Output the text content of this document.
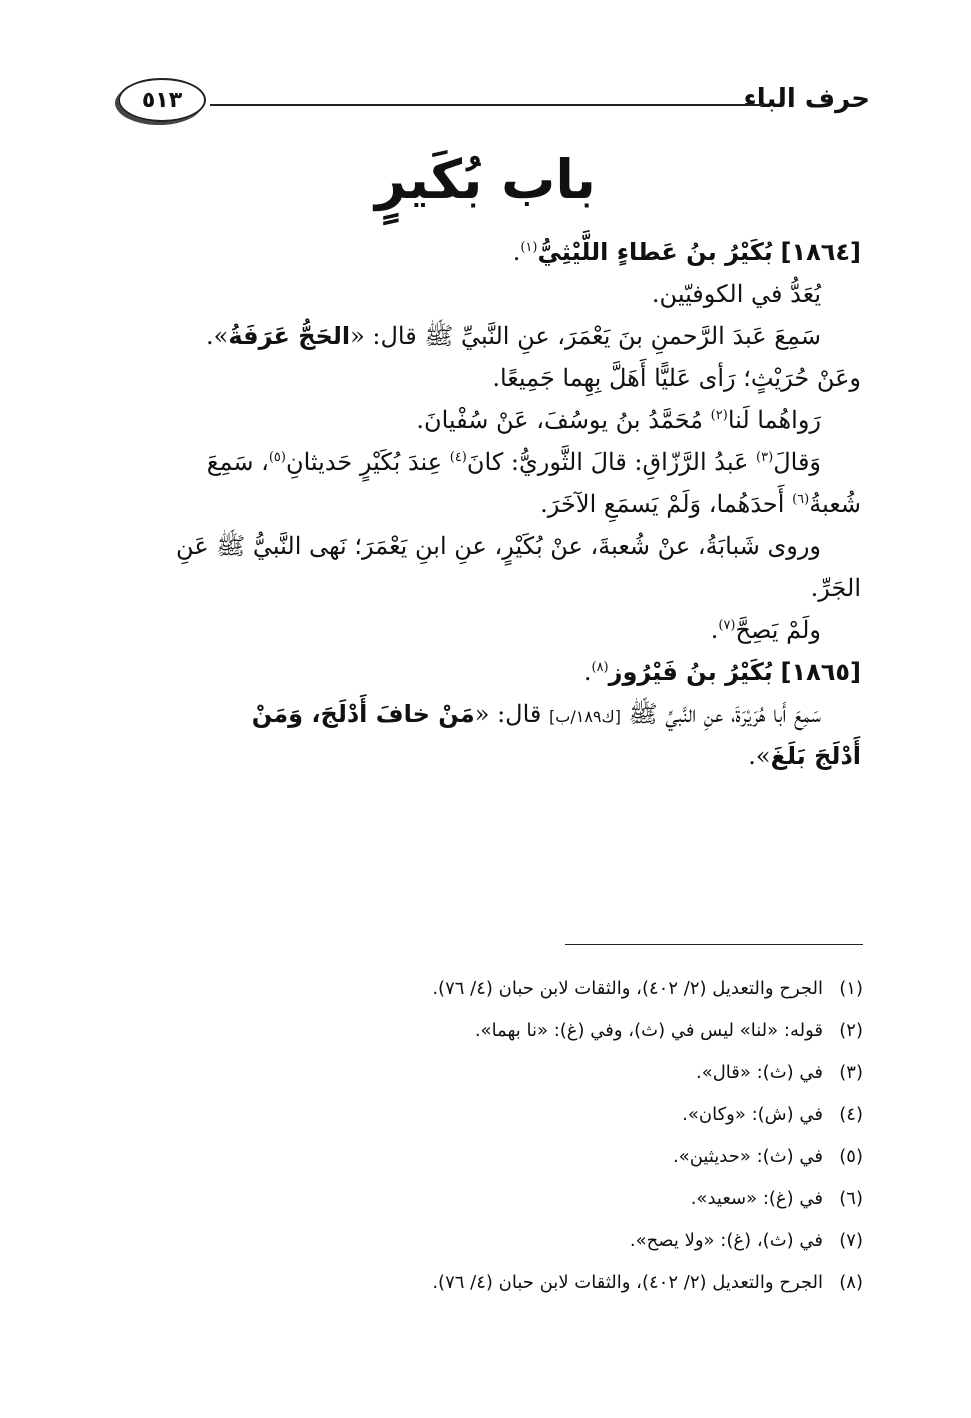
حرف الباء
٥١٣
باب بُكَيرٍ

[١٨٦٤] بُكَيْرُ بنُ عَطاءٍ اللَّيْثِيُّ$^{(١)}$.

يُعَدُّ في الكوفيّين.

سَمِعَ عَبدَ الرَّحمنِ بنَ يَعْمَرَ، عنِ النَّبيِّ ﷺ قال: «الحَجُّ عَرَفَةُ».

وعَنْ حُرَيْثٍ؛ رَأى عَليًّا أَهَلَّ بِهِما جَمِيعًا.

رَواهُما لَنا$^{(٢)}$ مُحَمَّدُ بنُ يوسُفَ، عَنْ سُفْيانَ.

وَقالَ$^{(٣)}$ عَبدُ الرَّزّاقِ: قالَ الثَّوريُّ: كانَ$^{(٤)}$ عِندَ بُكَيْرٍ حَديثانِ$^{(٥)}$، سَمِعَ

شُعبةُ$^{(٦)}$ أَحدَهُما، وَلَمْ يَسمَعِ الآخَرَ.

وروى شَبابَةُ، عنْ شُعبةَ، عنْ بُكَيْرٍ، عنِ ابنِ يَعْمَرَ؛ نَهى النَّبيُّ ﷺ عَنِ

الجَرِّ.

ولَمْ يَصِحَّ$^{(٧)}$.

[١٨٦٥] بُكَيْرُ بنُ فَيْرُوز$^{(٨)}$.

سَمِعَ أَبا هُرَيْرَةَ، عنِ النَّبيِّ ﷺ [ك١٨٩/ب] قال: «مَنْ خافَ أَدْلَجَ، وَمَنْ

أَدْلَجَ بَلَغَ».

(١)الجرح والتعديل (٢/ ٤٠٢)، والثقات لابن حبان (٤/ ٧٦).

(٢)قوله: «لنا» ليس في (ث)، وفي (غ): «نا بهما».

(٣)في (ث): «قال».

(٤)في (ش): «وكان».

(٥)في (ث): «حديثين».

(٦)في (غ): «سعيد».

(٧)في (ث)، (غ): «ولا يصح».

(٨)الجرح والتعديل (٢/ ٤٠٢)، والثقات لابن حبان (٤/ ٧٦).
